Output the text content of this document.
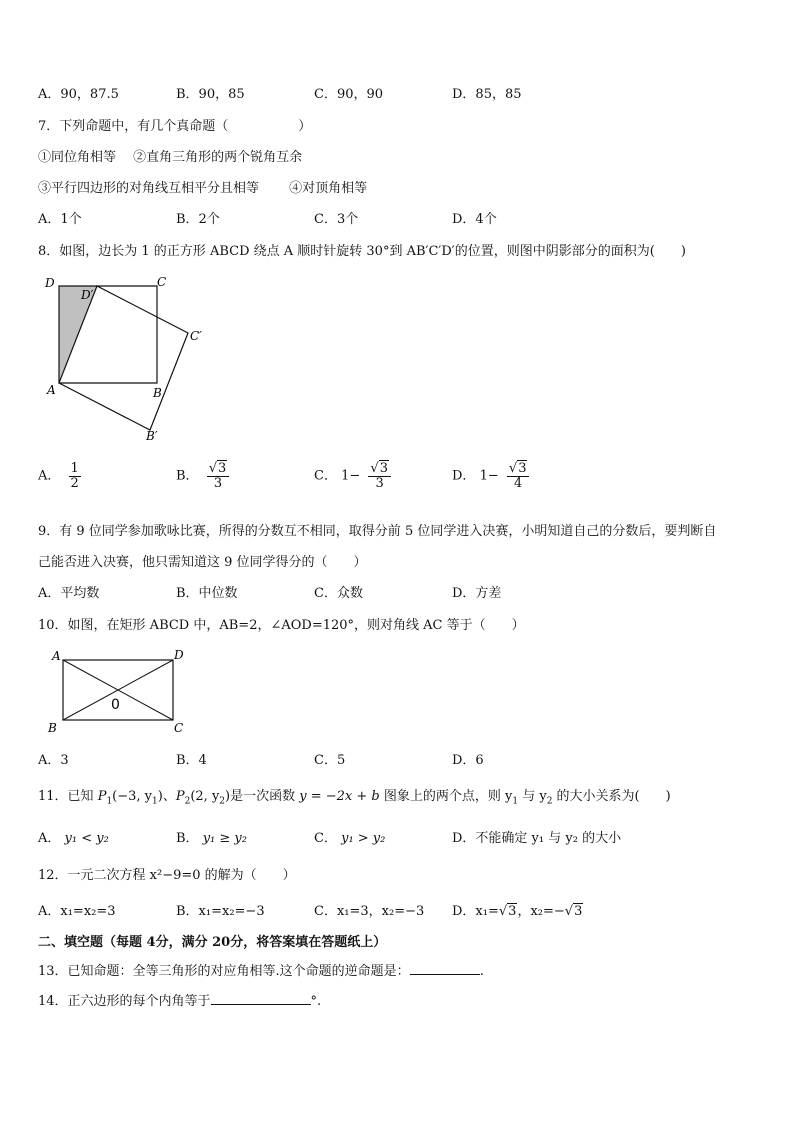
A．90，87.5	B．90，85	C．90，90	D．85，85
7．下列命题中，有几个真命题（	）
①同位角相等　 ②直角三角形的两个锐角互余
③平行四边形的对角线互相平分且相等　　 ④对顶角相等
A．1个	B．2个	C．3个	D．4个
8．如图，边长为 1 的正方形 ABCD 绕点 A 顺时针旋转 30°到 AB′C′D′的位置，则图中阴影部分的面积为(　　)
D
D′
C
C′
A	B
B′
A． $\frac{1}{2}$	B． $\frac{√3}{3}$	C． $1- \frac{√3}{3}$	D． $1- \frac{√3}{4}$
9．有 9 位同学参加歌咏比赛，所得的分数互不相同，取得分前 5 位同学进入决赛，小明知道自己的分数后，要判断自
己能否进入决赛，他只需知道这 9 位同学得分的（　　）
A．平均数	B．中位数	C．众数	D．方差
10．如图，在矩形 ABCD 中，AB=2，∠AOD=120°，则对角线 AC 等于（　　）
A	D
B	C
0
A．3	B．4	C．5	D．6
11．已知 $P_1(-3$, $y_1$)、$P_2(2$, $y_2$)是一次函数 y = −2x + b 图象上的两个点，则 $y_1$ 与 $y_2$ 的大小关系为(　　)
A． y₁ < y₂	B． y₁ ≥ y₂	C． y₁ > y₂	D．不能确定 y₁ 与 y₂ 的大小
12．一元二次方程 x²−9=0 的解为（　　）
A．x₁=x₂=3	B．x₁=x₂=−3	C．x₁=3，x₂=−3 D．x₁=√3，x₂=−√3
二、填空题（每题 4分，满分 20分，将答案填在答题纸上）
13．已知命题：全等三角形的对应角相等.这个命题的逆命题是：	.
14．正六边形的每个内角等于	°.
